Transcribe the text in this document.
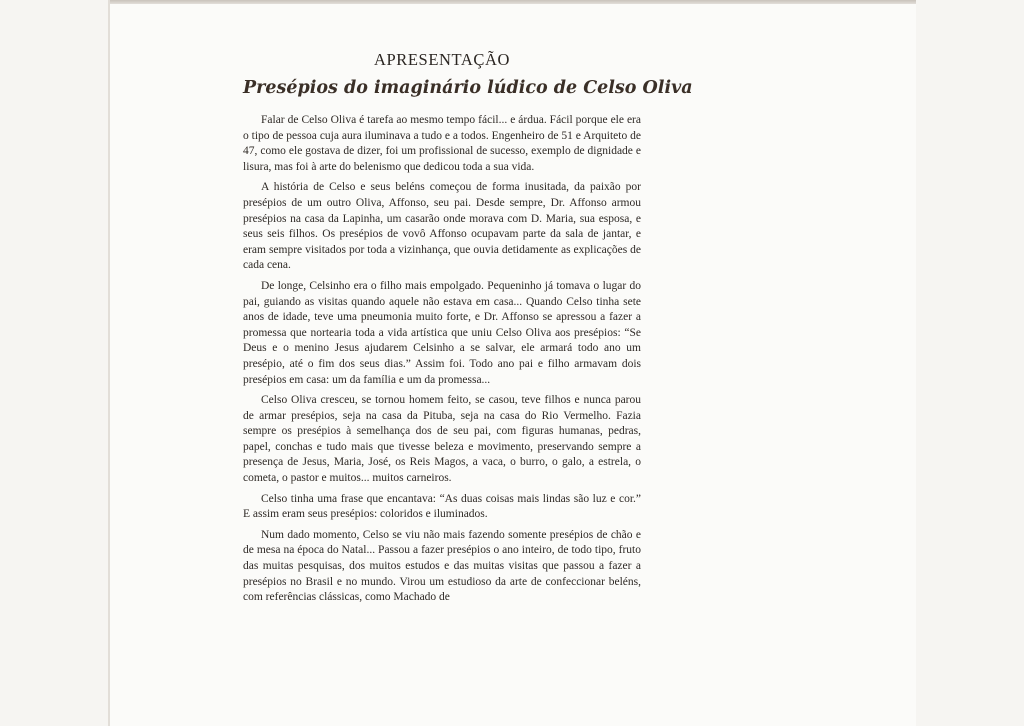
APRESENTAÇÃO
Presépios do imaginário lúdico de Celso Oliva

Falar de Celso Oliva é tarefa ao mesmo tempo fácil... e árdua. Fácil porque ele era o tipo de pessoa cuja aura iluminava a tudo e a todos. Engenheiro de 51 e Arquiteto de 47, como ele gostava de dizer, foi um profissional de sucesso, exemplo de dignidade e lisura, mas foi à arte do belenismo que dedicou toda a sua vida.

A história de Celso e seus beléns começou de forma inusitada, da paixão por presépios de um outro Oliva, Affonso, seu pai. Desde sempre, Dr. Affonso armou presépios na casa da Lapinha, um casarão onde morava com D. Maria, sua esposa, e seus seis filhos. Os presépios de vovô Affonso ocupavam parte da sala de jantar, e eram sempre visitados por toda a vizinhança, que ouvia detidamente as explicações de cada cena.

De longe, Celsinho era o filho mais empolgado. Pequeninho já tomava o lugar do pai, guiando as visitas quando aquele não estava em casa... Quando Celso tinha sete anos de idade, teve uma pneumonia muito forte, e Dr. Affonso se apressou a fazer a promessa que nortearia toda a vida artística que uniu Celso Oliva aos presépios: “Se Deus e o menino Jesus ajudarem Celsinho a se salvar, ele armará todo ano um presépio, até o fim dos seus dias.” Assim foi. Todo ano pai e filho armavam dois presépios em casa: um da família e um da promessa...

Celso Oliva cresceu, se tornou homem feito, se casou, teve filhos e nunca parou de armar presépios, seja na casa da Pituba, seja na casa do Rio Vermelho. Fazia sempre os presépios à semelhança dos de seu pai, com figuras humanas, pedras, papel, conchas e tudo mais que tivesse beleza e movimento, preservando sempre a presença de Jesus, Maria, José, os Reis Magos, a vaca, o burro, o galo, a estrela, o cometa, o pastor e muitos... muitos carneiros.

Celso tinha uma frase que encantava: “As duas coisas mais lindas são luz e cor.” E assim eram seus presépios: coloridos e iluminados.

Num dado momento, Celso se viu não mais fazendo somente presépios de chão e de mesa na época do Natal... Passou a fazer presépios o ano inteiro, de todo tipo, fruto das muitas pesquisas, dos muitos estudos e das muitas visitas que passou a fazer a presépios no Brasil e no mundo. Virou um estudioso da arte de confeccionar beléns, com referências clássicas, como Machado de
